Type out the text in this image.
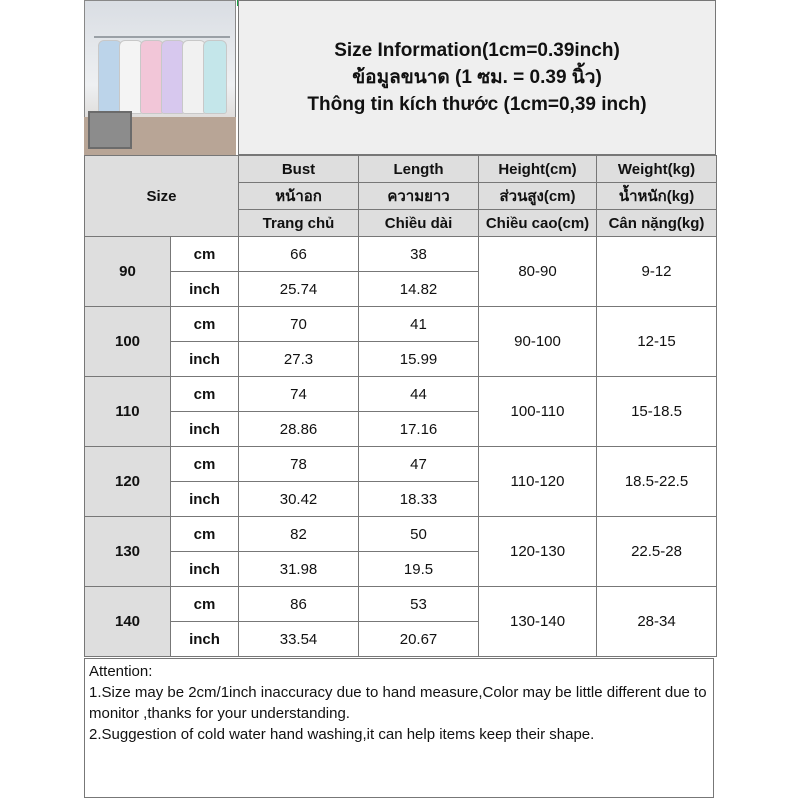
Size Information(1cm=0.39inch)
ข้อมูลขนาด (1 ซม. = 0.39 นิ้ว)
Thông tin kích thước (1cm=0,39 inch)
Size		Bust	Length	Height(cm)	Weight(kg)
		หน้าอก	ความยาว	ส่วนสูง(cm)	น้ำหนัก(kg)
		Trang chủ	Chiều dài	Chiều cao(cm)	Cân nặng(kg)
90	cm	66	38	80-90	9-12
	inch	25.74	14.82		
100	cm	70	41	90-100	12-15
	inch	27.3	15.99		
110	cm	74	44	100-110	15-18.5
	inch	28.86	17.16		
120	cm	78	47	110-120	18.5-22.5
	inch	30.42	18.33		
130	cm	82	50	120-130	22.5-28
	inch	31.98	19.5		
140	cm	86	53	130-140	28-34
	inch	33.54	20.67		

Attention:

1.Size may be 2cm/1inch inaccuracy due to hand measure,Color may be little different due to monitor ,thanks for your understanding.

2.Suggestion of cold water hand washing,it can help items keep their shape.
